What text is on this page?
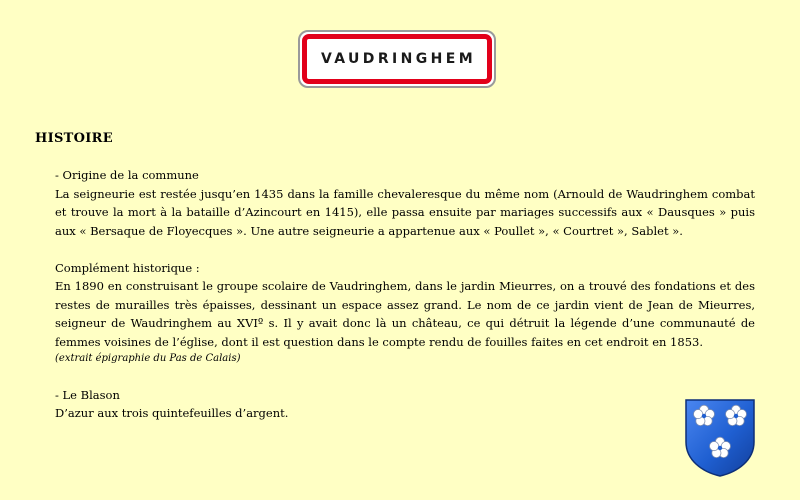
VAUDRINGHEM
HISTOIRE

- Origine de la commune

La seigneurie est restée jusqu’en 1435 dans la famille chevaleresque du même nom (Arnould de Waudringhem combat et trouve la mort à la bataille d’Azincourt en 1415), elle passa ensuite par mariages successifs aux « Dausques » puis aux « Bersaque de Floyecques ». Une autre seigneurie a appartenue aux « Poullet », « Courtret », Sablet ».

Complément historique :

En 1890 en construisant le groupe scolaire de Vaudringhem, dans le jardin Mieurres, on a trouvé des fondations et des restes de murailles très épaisses, dessinant un espace assez grand. Le nom de ce jardin vient de Jean de Mieurres, seigneur de Waudringhem au XVIº s. Il y avait donc là un château, ce qui détruit la légende d’une communauté de femmes voisines de l’église, dont il est question dans le compte rendu de fouilles faites en cet endroit en 1853.

(extrait épigraphie du Pas de Calais)

- Le Blason

D’azur aux trois quintefeuilles d’argent.
